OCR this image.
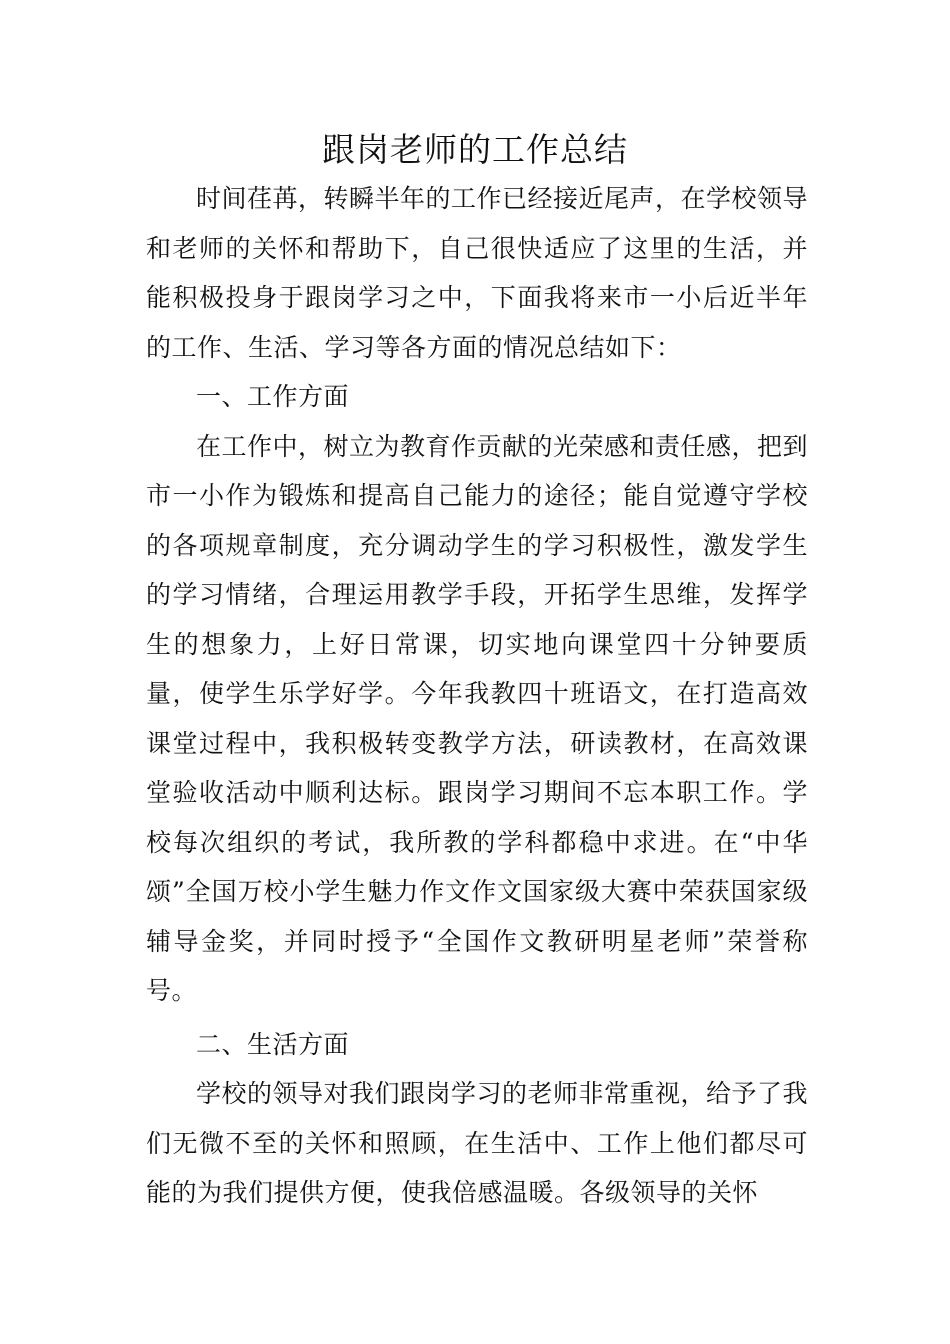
跟岗老师的工作总结

时间荏苒，转瞬半年的工作已经接近尾声，在学校领导和老师的关怀和帮助下，自己很快适应了这里的生活，并能积极投身于跟岗学习之中，下面我将来市一小后近半年的工作、生活、学习等各方面的情况总结如下：

一、工作方面

在工作中，树立为教育作贡献的光荣感和责任感，把到市一小作为锻炼和提高自己能力的途径；能自觉遵守学校的各项规章制度，充分调动学生的学习积极性，激发学生的学习情绪，合理运用教学手段，开拓学生思维，发挥学生的想象力，上好日常课，切实地向课堂四十分钟要质量，使学生乐学好学。今年我教四十班语文，在打造高效课堂过程中，我积极转变教学方法，研读教材，在高效课堂验收活动中顺利达标。跟岗学习期间不忘本职工作。学校每次组织的考试，我所教的学科都稳中求进。在“中华颂”全国万校小学生魅力作文作文国家级大赛中荣获国家级辅导金奖，并同时授予“全国作文教研明星老师”荣誉称号。

二、生活方面

学校的领导对我们跟岗学习的老师非常重视，给予了我们无微不至的关怀和照顾，在生活中、工作上他们都尽可能的为我们提供方便，使我倍感温暖。各级领导的关怀
